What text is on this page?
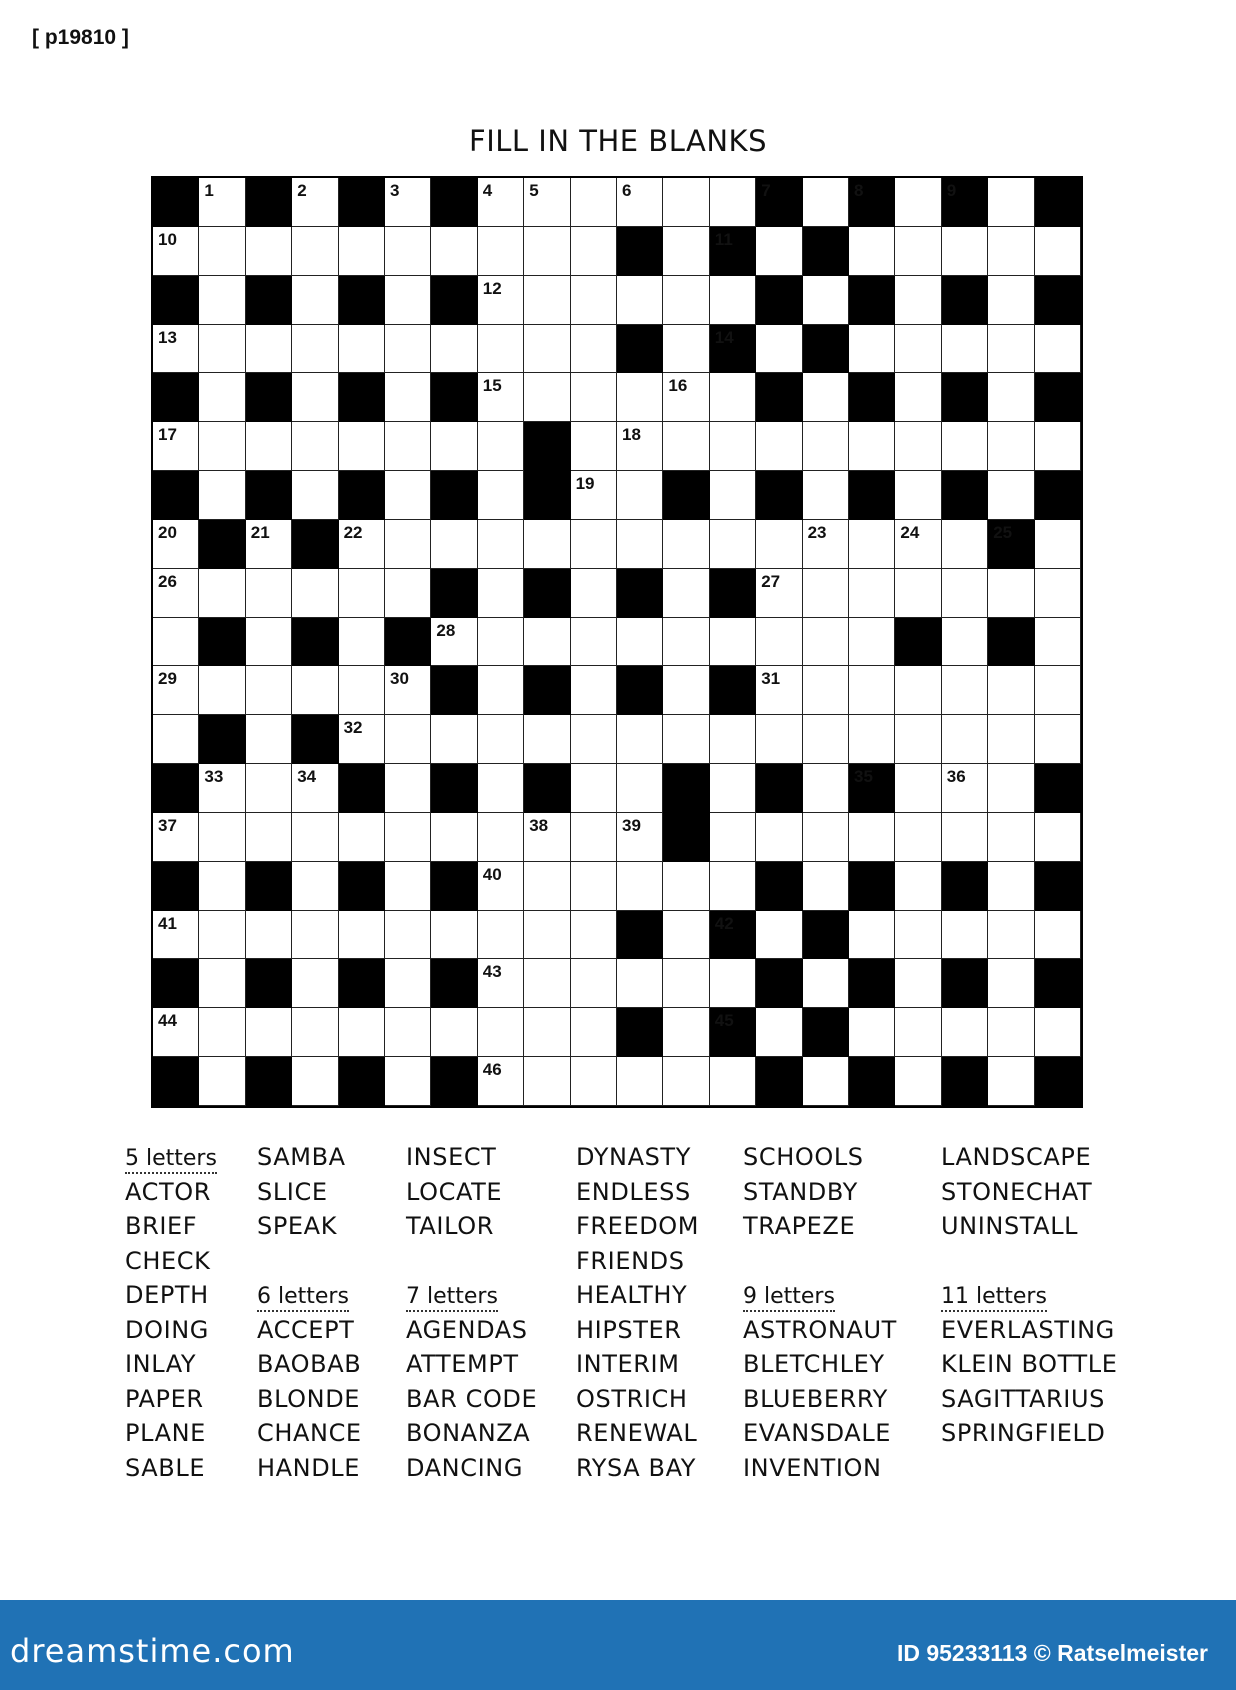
[ p19810 ]
FILL IN THE BLANKS
1	2	3	4 5	6	7	8	9
10	11
12
13	14
15	16
17	18
19
20	21	22	23	24	25
26	27
28
29	30	31
32
33	34	35	36
37	38	39
40
41	42
43
44	45
46
5 letters
ACTOR
BRIEF
CHECK
DEPTH
DOING
INLAY
PAPER
PLANE
SABLE
SAMBA
SLICE
SPEAK
6 letters
ACCEPT
BAOBAB
BLONDE
CHANCE
HANDLE
INSECT
LOCATE
TAILOR
7 letters
AGENDAS
ATTEMPT
BAR CODE
BONANZA
DANCING
DYNASTY
ENDLESS
FREEDOM
FRIENDS
HEALTHY
HIPSTER
INTERIM
OSTRICH
RENEWAL
RYSA BAY
SCHOOLS
STANDBY
TRAPEZE
9 letters
ASTRONAUT
BLETCHLEY
BLUEBERRY
EVANSDALE
INVENTION
LANDSCAPE
STONECHAT
UNINSTALL
11 letters
EVERLASTING
KLEIN BOTTLE
SAGITTARIUS
SPRINGFIELD
dreamstime.com	ID 95233113 © Ratselmeister
